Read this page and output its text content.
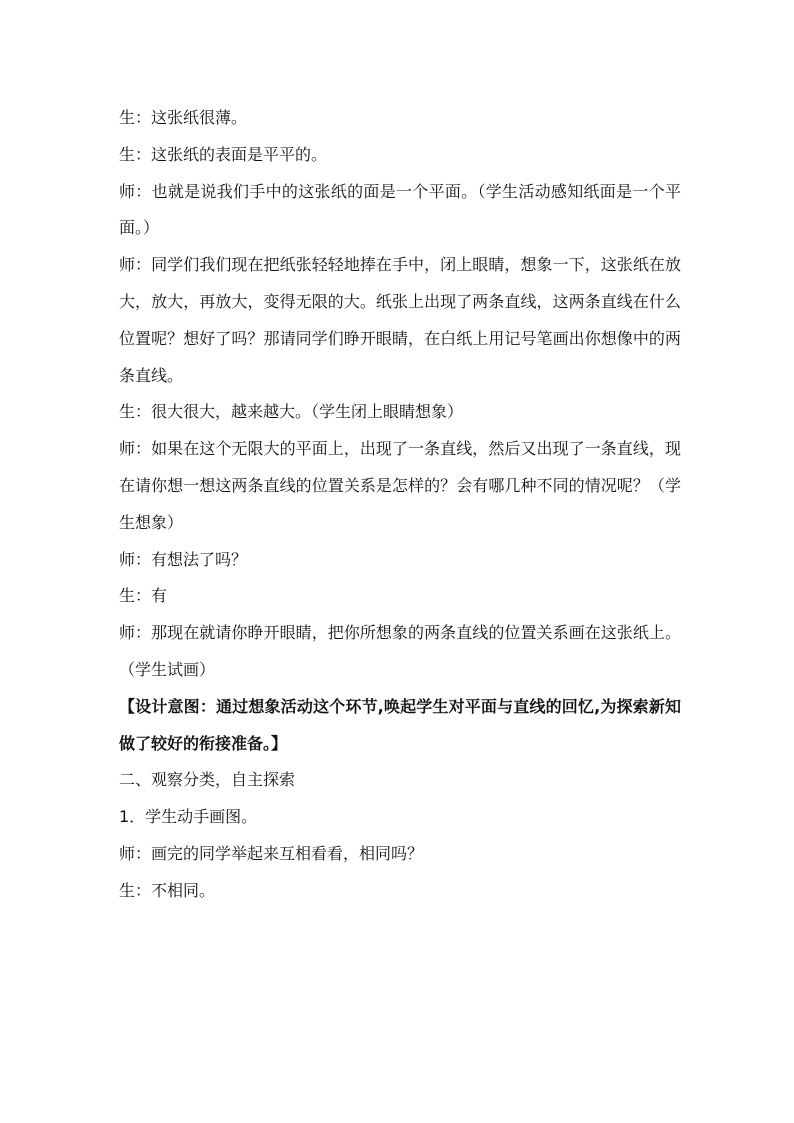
生：这张纸很薄。

生：这张纸的表面是平平的。

师：也就是说我们手中的这张纸的面是一个平面。（学生活动感知纸面是一个平面。）

师：同学们我们现在把纸张轻轻地捧在手中，闭上眼睛，想象一下，这张纸在放大，放大，再放大，变得无限的大。纸张上出现了两条直线，这两条直线在什么位置呢？想好了吗？那请同学们睁开眼睛，在白纸上用记号笔画出你想像中的两条直线。

生：很大很大，越来越大。（学生闭上眼睛想象）

师：如果在这个无限大的平面上，出现了一条直线，然后又出现了一条直线，现在请你想一想这两条直线的位置关系是怎样的？会有哪几种不同的情况呢？（学生想象）

师：有想法了吗？

生：有

师：那现在就请你睁开眼睛，把你所想象的两条直线的位置关系画在这张纸上。（学生试画）

【设计意图：通过想象活动这个环节,唤起学生对平面与直线的回忆,为探索新知做了较好的衔接准备。】

二、观察分类，自主探索

1．学生动手画图。

师：画完的同学举起来互相看看，相同吗？

生：不相同。
